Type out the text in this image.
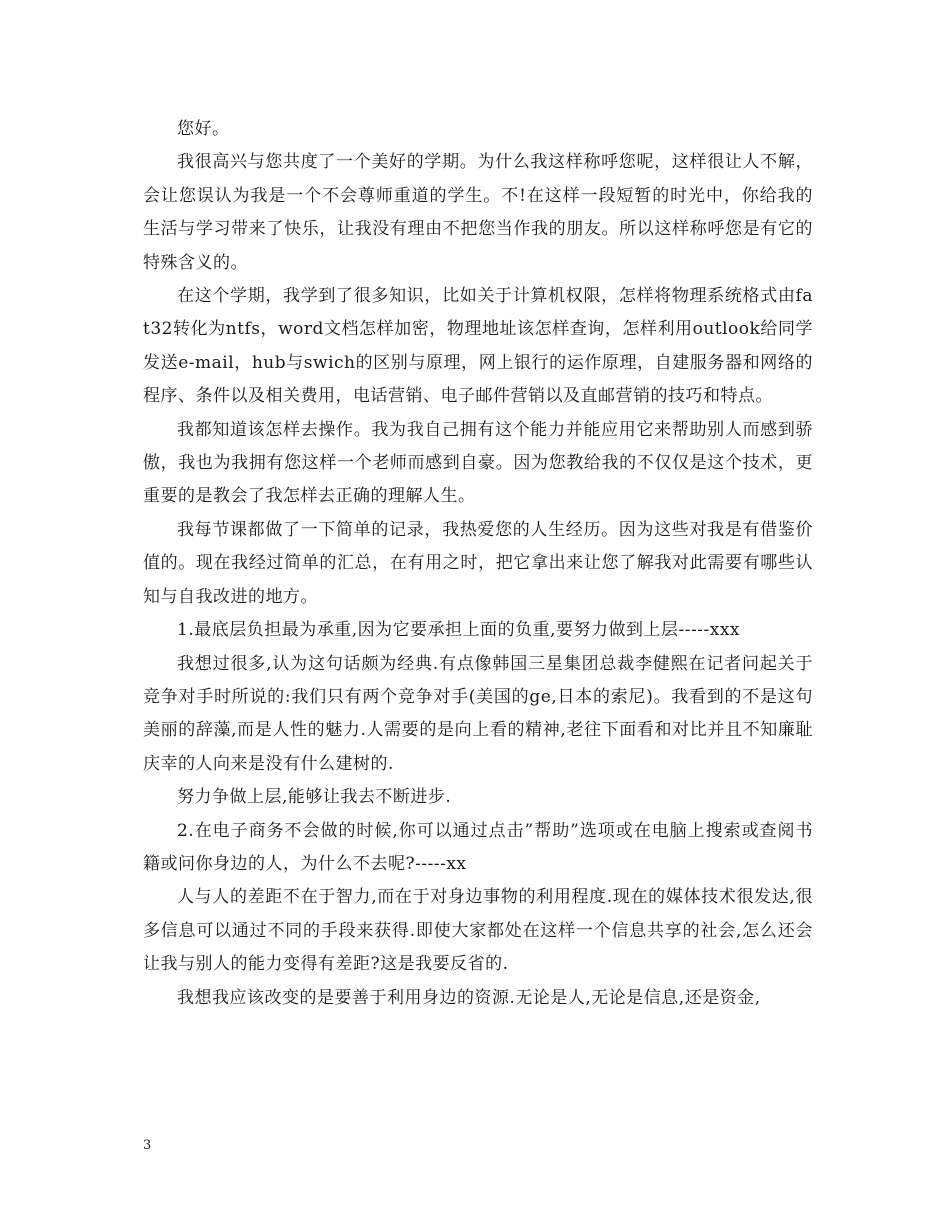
您好。

我很高兴与您共度了一个美好的学期。为什么我这样称呼您呢，这样很让人不解，会让您误认为我是一个不会尊师重道的学生。不!在这样一段短暂的时光中，你给我的生活与学习带来了快乐，让我没有理由不把您当作我的朋友。所以这样称呼您是有它的特殊含义的。

在这个学期，我学到了很多知识，比如关于计算机权限，怎样将物理系统格式由fat32转化为ntfs，word文档怎样加密，物理地址该怎样查询，怎样利用outlook给同学发送e-mail，hub与swich的区别与原理，网上银行的运作原理，自建服务器和网络的程序、条件以及相关费用，电话营销、电子邮件营销以及直邮营销的技巧和特点。

我都知道该怎样去操作。我为我自己拥有这个能力并能应用它来帮助别人而感到骄傲，我也为我拥有您这样一个老师而感到自豪。因为您教给我的不仅仅是这个技术，更重要的是教会了我怎样去正确的理解人生。

我每节课都做了一下简单的记录，我热爱您的人生经历。因为这些对我是有借鉴价值的。现在我经过简单的汇总，在有用之时，把它拿出来让您了解我对此需要有哪些认知与自我改进的地方。

1.最底层负担最为承重,因为它要承担上面的负重,要努力做到上层-----xxx

我想过很多,认为这句话颇为经典.有点像韩国三星集团总裁李健熙在记者问起关于竞争对手时所说的:我们只有两个竞争对手(美国的ge,日本的索尼)。我看到的不是这句美丽的辞藻,而是人性的魅力.人需要的是向上看的精神,老往下面看和对比并且不知廉耻庆幸的人向来是没有什么建树的.

努力争做上层,能够让我去不断进步.

2.在电子商务不会做的时候,你可以通过点击”帮助”选项或在电脑上搜索或查阅书籍或问你身边的人，为什么不去呢?-----xx

人与人的差距不在于智力,而在于对身边事物的利用程度.现在的媒体技术很发达,很多信息可以通过不同的手段来获得.即使大家都处在这样一个信息共享的社会,怎么还会让我与别人的能力变得有差距?这是我要反省的.

我想我应该改变的是要善于利用身边的资源.无论是人,无论是信息,还是资金,

3
